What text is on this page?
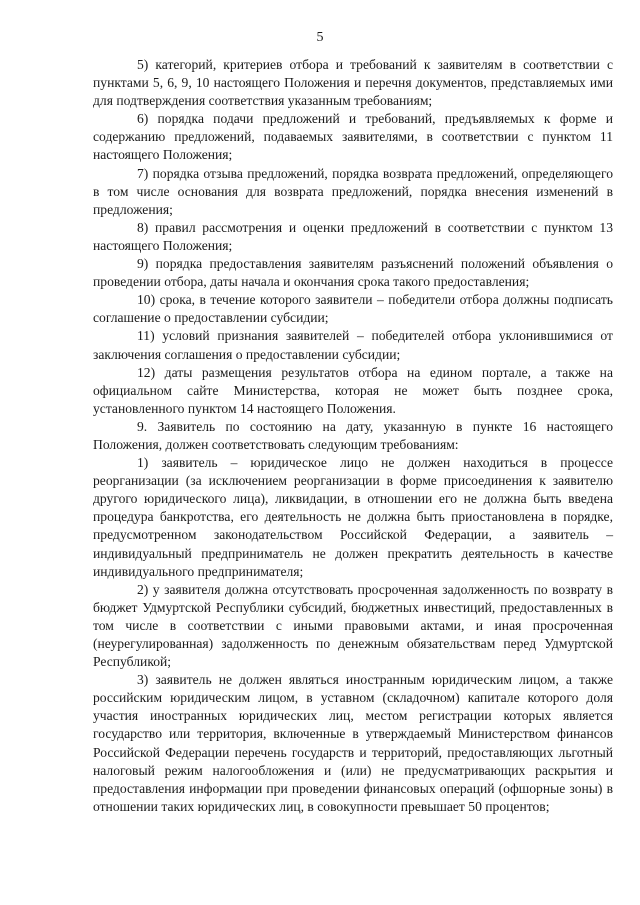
5

5) категорий, критериев отбора и требований к заявителям в соответствии с пунктами 5, 6, 9, 10 настоящего Положения и перечня документов, представляемых ими для подтверждения соответствия указанным требованиям;

6) порядка подачи предложений и требований, предъявляемых к форме и содержанию предложений, подаваемых заявителями, в соответствии с пунктом 11 настоящего Положения;

7) порядка отзыва предложений, порядка возврата предложений, определяющего в том числе основания для возврата предложений, порядка внесения изменений в предложения;

8) правил рассмотрения и оценки предложений в соответствии с пунктом 13 настоящего Положения;

9) порядка предоставления заявителям разъяснений положений объявления о проведении отбора, даты начала и окончания срока такого предоставления;

10) срока, в течение которого заявители – победители отбора должны подписать соглашение о предоставлении субсидии;

11) условий признания заявителей – победителей отбора уклонившимися от заключения соглашения о предоставлении субсидии;

12) даты размещения результатов отбора на едином портале, а также на официальном сайте Министерства, которая не может быть позднее срока, установленного пунктом 14 настоящего Положения.

9. Заявитель по состоянию на дату, указанную в пункте 16 настоящего Положения, должен соответствовать следующим требованиям:

1) заявитель – юридическое лицо не должен находиться в процессе реорганизации (за исключением реорганизации в форме присоединения к заявителю другого юридического лица), ликвидации, в отношении его не должна быть введена процедура банкротства, его деятельность не должна быть приостановлена в порядке, предусмотренном законодательством Российской Федерации, а заявитель – индивидуальный предприниматель не должен прекратить деятельность в качестве индивидуального предпринимателя;

2) у заявителя должна отсутствовать просроченная задолженность по возврату в бюджет Удмуртской Республики субсидий, бюджетных инвестиций, предоставленных в том числе в соответствии с иными правовыми актами, и иная просроченная (неурегулированная) задолженность по денежным обязательствам перед Удмуртской Республикой;

3) заявитель не должен являться иностранным юридическим лицом, а также российским юридическим лицом, в уставном (складочном) капитале которого доля участия иностранных юридических лиц, местом регистрации которых является государство или территория, включенные в утверждаемый Министерством финансов Российской Федерации перечень государств и территорий, предоставляющих льготный налоговый режим налогообложения и (или) не предусматривающих раскрытия и предоставления информации при проведении финансовых операций (офшорные зоны) в отношении таких юридических лиц, в совокупности превышает 50 процентов;
